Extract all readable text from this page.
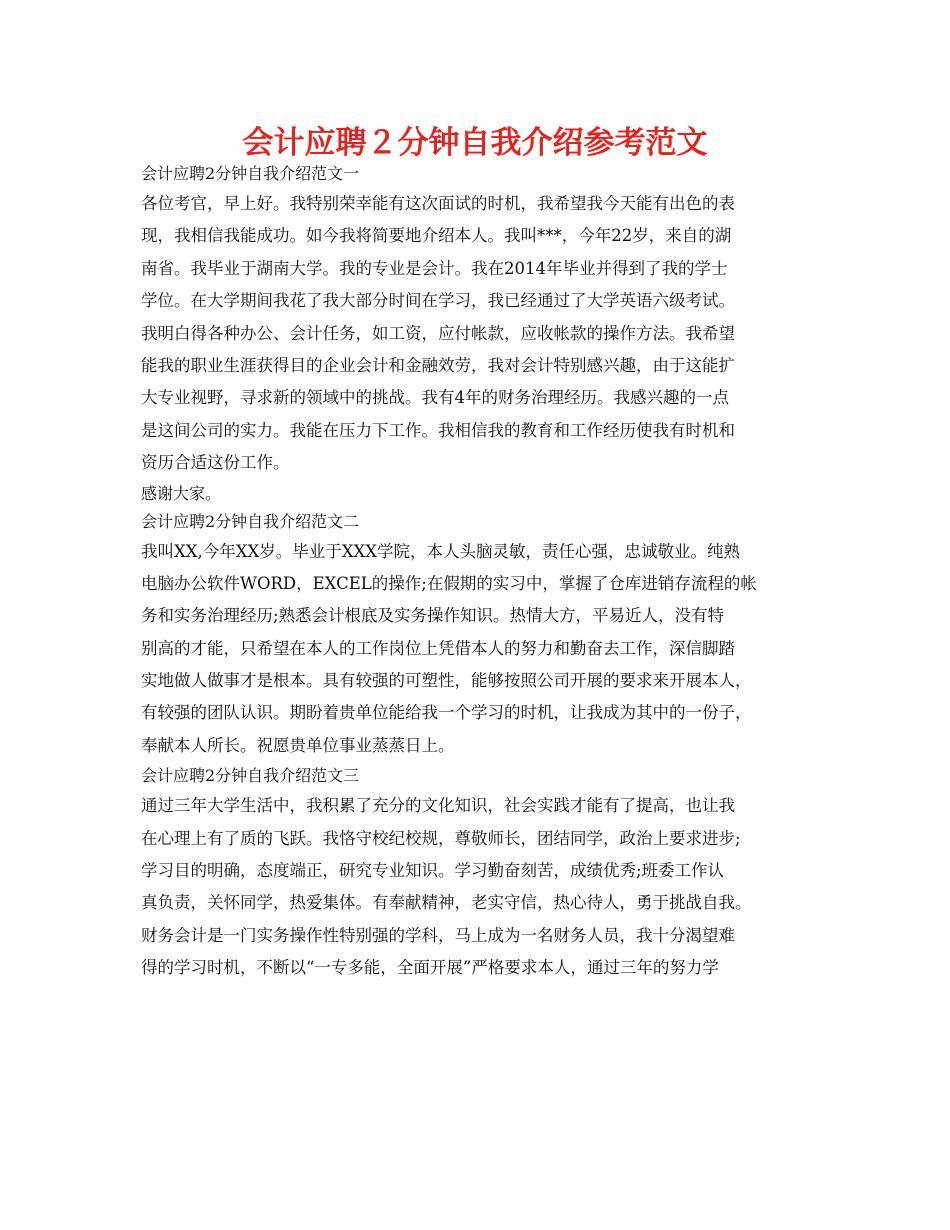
会计应聘２分钟自我介绍参考范文
会计应聘2分钟自我介绍范文一
各位考官，早上好。我特别荣幸能有这次面试的时机，我希望我今天能有出色的表
现，我相信我能成功。如今我将简要地介绍本人。我叫***，今年22岁，来自的湖
南省。我毕业于湖南大学。我的专业是会计。我在2014年毕业并得到了我的学士
学位。在大学期间我花了我大部分时间在学习，我已经通过了大学英语六级考试。
我明白得各种办公、会计任务，如工资，应付帐款，应收帐款的操作方法。我希望
能我的职业生涯获得目的企业会计和金融效劳，我对会计特别感兴趣，由于这能扩
大专业视野，寻求新的领域中的挑战。我有4年的财务治理经历。我感兴趣的一点
是这间公司的实力。我能在压力下工作。我相信我的教育和工作经历使我有时机和
资历合适这份工作。
感谢大家。
会计应聘2分钟自我介绍范文二
我叫XX,今年XX岁。毕业于XXX学院，本人头脑灵敏，责任心强，忠诚敬业。纯熟
电脑办公软件WORD，EXCEL的操作;在假期的实习中，掌握了仓库进销存流程的帐
务和实务治理经历;熟悉会计根底及实务操作知识。热情大方，平易近人，没有特
别高的才能，只希望在本人的工作岗位上凭借本人的努力和勤奋去工作，深信脚踏
实地做人做事才是根本。具有较强的可塑性，能够按照公司开展的要求来开展本人，
有较强的团队认识。期盼着贵单位能给我一个学习的时机，让我成为其中的一份子，
奉献本人所长。祝愿贵单位事业蒸蒸日上。
会计应聘2分钟自我介绍范文三
通过三年大学生活中，我积累了充分的文化知识，社会实践才能有了提高，也让我
在心理上有了质的飞跃。我恪守校纪校规，尊敬师长，团结同学，政治上要求进步;
学习目的明确，态度端正，研究专业知识。学习勤奋刻苦，成绩优秀;班委工作认
真负责，关怀同学，热爱集体。有奉献精神，老实守信，热心待人，勇于挑战自我。
财务会计是一门实务操作性特别强的学科，马上成为一名财务人员，我十分渴望难
得的学习时机，不断以“一专多能，全面开展”严格要求本人，通过三年的努力学
